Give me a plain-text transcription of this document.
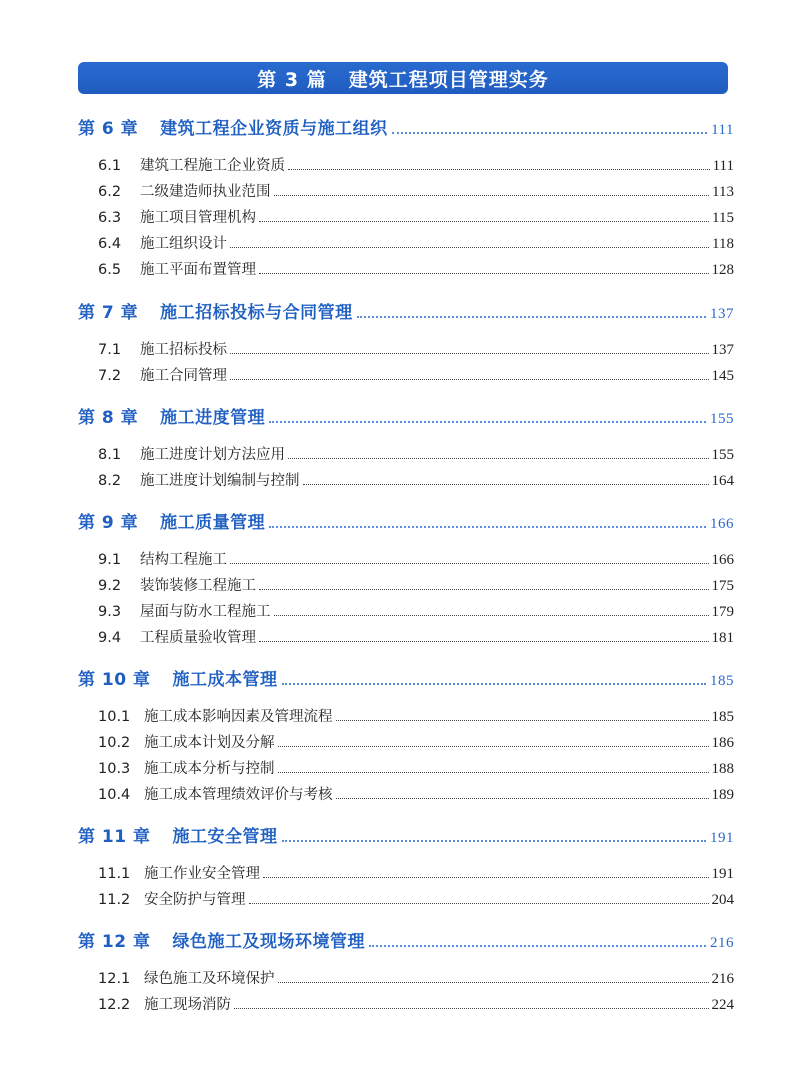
第 3 篇 建筑工程项目管理实务
第 6 章 建筑工程企业资质与施工组织	111
6.1	建筑工程施工企业资质	111
6.2	二级建造师执业范围	113
6.3	施工项目管理机构	115
6.4	施工组织设计	118
6.5	施工平面布置管理	128
第 7 章 施工招标投标与合同管理	137
7.1	施工招标投标	137
7.2	施工合同管理	145
第 8 章 施工进度管理	155
8.1	施工进度计划方法应用	155
8.2	施工进度计划编制与控制	164
第 9 章 施工质量管理	166
9.1	结构工程施工	166
9.2	装饰装修工程施工	175
9.3	屋面与防水工程施工	179
9.4	工程质量验收管理	181
第 10 章 施工成本管理	185
10.1 施工成本影响因素及管理流程	185
10.2 施工成本计划及分解	186
10.3 施工成本分析与控制	188
10.4 施工成本管理绩效评价与考核	189
第 11 章 施工安全管理	191
11.1 施工作业安全管理	191
11.2 安全防护与管理	204
第 12 章 绿色施工及现场环境管理	216
12.1 绿色施工及环境保护	216
12.2 施工现场消防	224
